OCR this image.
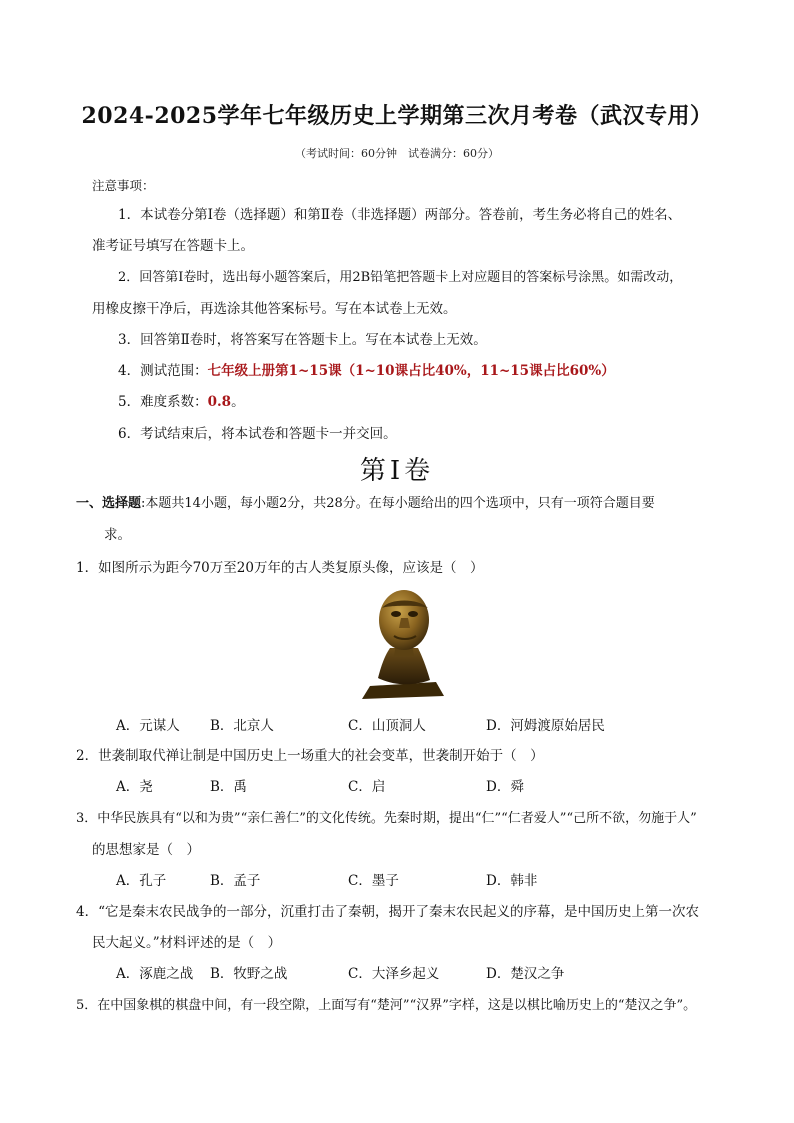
2024-2025学年七年级历史上学期第三次月考卷（武汉专用）
（考试时间：60分钟　试卷满分：60分）
注意事项：
1．本试卷分第Ⅰ卷（选择题）和第Ⅱ卷（非选择题）两部分。答卷前，考生务必将自己的姓名、
准考证号填写在答题卡上。
2．回答第Ⅰ卷时，选出每小题答案后，用2B铅笔把答题卡上对应题目的答案标号涂黑。如需改动，
用橡皮擦干净后，再选涂其他答案标号。写在本试卷上无效。
3．回答第Ⅱ卷时，将答案写在答题卡上。写在本试卷上无效。
4．测试范围：七年级上册第1~15课（1~10课占比40%，11~15课占比60%）
5．难度系数：0.8。
6．考试结束后，将本试卷和答题卡一并交回。
第Ⅰ卷
一、选择题:本题共14小题，每小题2分，共28分。在每小题给出的四个选项中，只有一项符合题目要
求。
1．如图所示为距今70万至20万年的古人类复原头像，应该是（　）
A．元谋人 B．北京人	C．山顶洞人	D．河姆渡原始居民
2．世袭制取代禅让制是中国历史上一场重大的社会变革，世袭制开始于（　）
A．尧	B．禹	C．启	D．舜
3．中华民族具有“以和为贵”“亲仁善仁”的文化传统。先秦时期，提出“仁”“仁者爱人”“己所不欲，勿施于人”
的思想家是（　）
A．孔子	B．孟子	C．墨子	D．韩非
4．“它是秦末农民战争的一部分，沉重打击了秦朝，揭开了秦末农民起义的序幕，是中国历史上第一次农
民大起义。”材料评述的是（　）
A．涿鹿之战 B．牧野之战	C．大泽乡起义	D．楚汉之争
5．在中国象棋的棋盘中间，有一段空隙，上面写有“楚河”“汉界”字样，这是以棋比喻历史上的“楚汉之争”。
